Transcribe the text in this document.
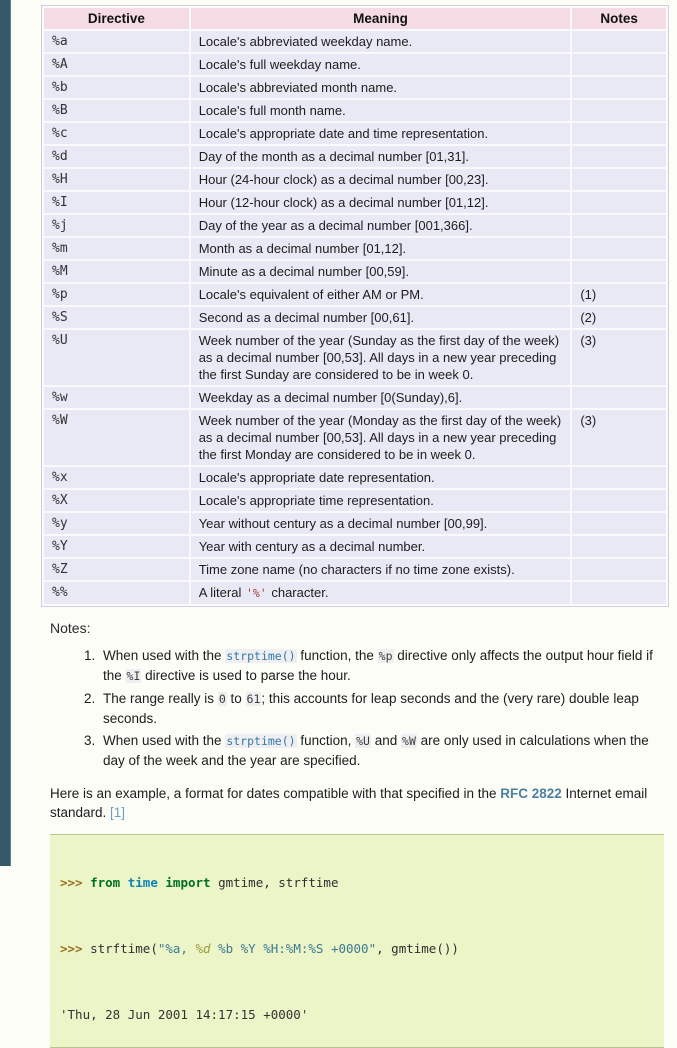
Directive	Meaning	Notes
%a	Locale's abbreviated weekday name.	
%A	Locale's full weekday name.	
%b	Locale's abbreviated month name.	
%B	Locale's full month name.	
%c	Locale's appropriate date and time representation.	
%d	Day of the month as a decimal number [01,31].	
%H	Hour (24-hour clock) as a decimal number [00,23].	
%I	Hour (12-hour clock) as a decimal number [01,12].	
%j	Day of the year as a decimal number [001,366].	
%m	Month as a decimal number [01,12].	
%M	Minute as a decimal number [00,59].	
%p	Locale's equivalent of either AM or PM.	(1)
%S	Second as a decimal number [00,61].	(2)
%U	Week number of the year (Sunday as the first day of the week) as a decimal number [00,53]. All days in a new year preceding the first Sunday are considered to be in week 0.	(3)
%w	Weekday as a decimal number [0(Sunday),6].	
%W	Week number of the year (Monday as the first day of the week) as a decimal number [00,53]. All days in a new year preceding the first Monday are considered to be in week 0.	(3)
%x	Locale's appropriate date representation.	
%X	Locale's appropriate time representation.	
%y	Year without century as a decimal number [00,99].	
%Y	Year with century as a decimal number.	
%Z	Time zone name (no characters if no time zone exists).	
%%	A literal '%' character.	
Notes:
1. When used with the strptime() function, the %p directive only affects the output hour field if the %I directive is used to parse the hour.
2. The range really is 0 to 61; this accounts for leap seconds and the (very rare) double leap seconds.
3. When used with the strptime() function, %U and %W are only used in calculations when the day of the week and the year are specified.

Here is an example, a format for dates compatible with that specified in the RFC 2822 Internet email standard. [1]

>>> from time import gmtime, strftime

>>> strftime("%a, %d %b %Y %H:%M:%S +0000", gmtime())

'Thu, 28 Jun 2001 14:17:15 +0000'
